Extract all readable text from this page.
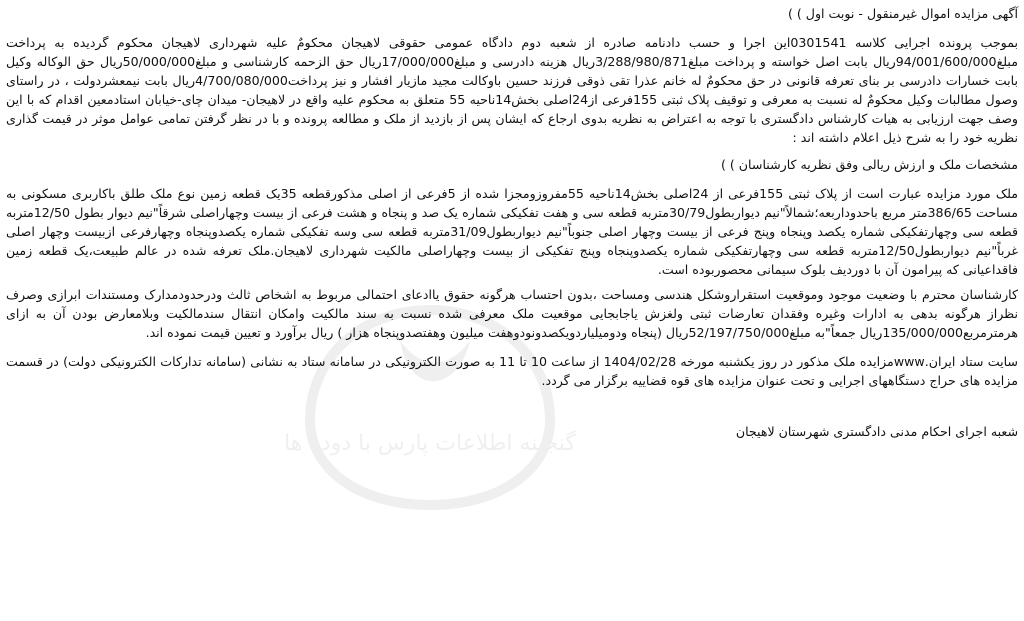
گنجینه اطلاعات پارس با دوده ها

آگهی مزایده اموال غیرمنقول - نوبت اول ) )

بموجب پرونده اجرایی کلاسه 0301541این اجرا و حسب دادنامه صادره از شعبه دوم دادگاه عمومی حقوقی لاهیجان محکومٌ علیه شهرداری لاهیجان محکوم گردیده به پرداخت مبلغ94/001/600/000ریال بابت اصل خواسته و پرداخت مبلغ3/288/980/871ریال هزینه دادرسی و مبلغ17/000/000ریال حق الزحمه کارشناسی و مبلغ50/000/000ریال حق الوکاله وکیل بابت خسارات دادرسی بر بنای تعرفه قانونی در حق محکومٌ له خانم عذرا تقی ذوقی فرزند حسین باوکالت مجید مازیار افشار و نیز پرداخت4/700/080/000ریال بابت نیمعشردولت ، در راستای وصول مطالبات وکیل محکومٌ له نسبت به معرفی و توقیف پلاک ثبتی 155فرعی از24اصلی بخش14ناحیه 55 متعلق به محکوم علیه واقع در لاهیجان- میدان چای-خیابان استادمعین اقدام که با این وصف جهت ارزیابی به هیات کارشناس دادگستری با توجه به اعتراض به نظریه بدوی ارجاع که ایشان پس از بازدید از ملک و مطالعه پرونده و با در نظر گرفتن تمامی عوامل موثر در قیمت گذاری نظریه خود را به شرح ذیل اعلام داشته اند :

مشخصات ملک و ارزش ریالی وفق نظریه کارشناسان ) )

ملک مورد مزایده عبارت است از پلاک ثبتی 155فرعی از 24اصلی بخش14ناحیه 55مفروزومجزا شده از 5فرعی از اصلی مذکورقطعه 35یک قطعه زمین نوع ملک طلق باکاربری مسکونی به مساحت 386/65متر مربع باحدوداربعه؛شمالاً"نیم دیواربطول30/79متربه قطعه سی و هفت تفکیکی شماره یک صد و پنجاه و هشت فرعی از بیست وچهاراصلی شرقاً"نیم دیوار بطول 12/50متربه قطعه سی وچهارتفکیکی شماره یکصد وپنجاه وپنج فرعی از بیست وچهار اصلی جنوباً"نیم دیواربطول31/09متربه قطعه سی وسه تفکیکی شماره یکصدوپنجاه وچهارفرعی ازبیست وچهار اصلی غرباً"نیم دیواربطول12/50متربه قطعه سی وچهارتفکیکی شماره یکصدوپنجاه وپنج تفکیکی از بیست وچهاراصلی مالکیت شهرداری لاهیجان.ملک تعرفه شده در عالم طبیعت،یک قطعه زمین فاقداعیانی که پیرامون آن با دوردیف بلوک سیمانی محصوربوده است.

کارشناسان محترم با وضعیت موجود وموقعیت استقراروشکل هندسی ومساحت ،بدون احتساب هرگونه حقوق یاادعای احتمالی مربوط به اشخاص ثالث ودرحدودمدارک ومستندات ابرازی وصرف نظراز هرگونه بدهی به ادارات وغیره وفقدان تعارضات ثبتی ولغزش یاجابجایی موقعیت ملک معرفی شده نسبت به سند مالکیت وامکان انتقال سندمالکیت وبلامعارض بودن آن به ازای هرمترمربع135/000/000ریال جمعاً"به مبلغ52/197/750/000ریال (پنجاه ودومیلیاردویکصدونودوهفت میلیون وهفتصدوپنجاه هزار ) ریال برآورد و تعیین قیمت نموده اند.

سایت ستاد ایران.wwwمزایده ملک مذکور در روز یکشنبه مورخه 1404/02/28 از ساعت 10 تا 11 به صورت الکترونیکی در سامانه ستاد به نشانی (سامانه تدارکات الکترونیکی دولت) در قسمت مزایده های حراج دستگاههای اجرایی و تحت عنوان مزایده های قوه قضاییه برگزار می گردد.

شعبه اجرای احکام مدنی دادگستری شهرستان لاهیجان
